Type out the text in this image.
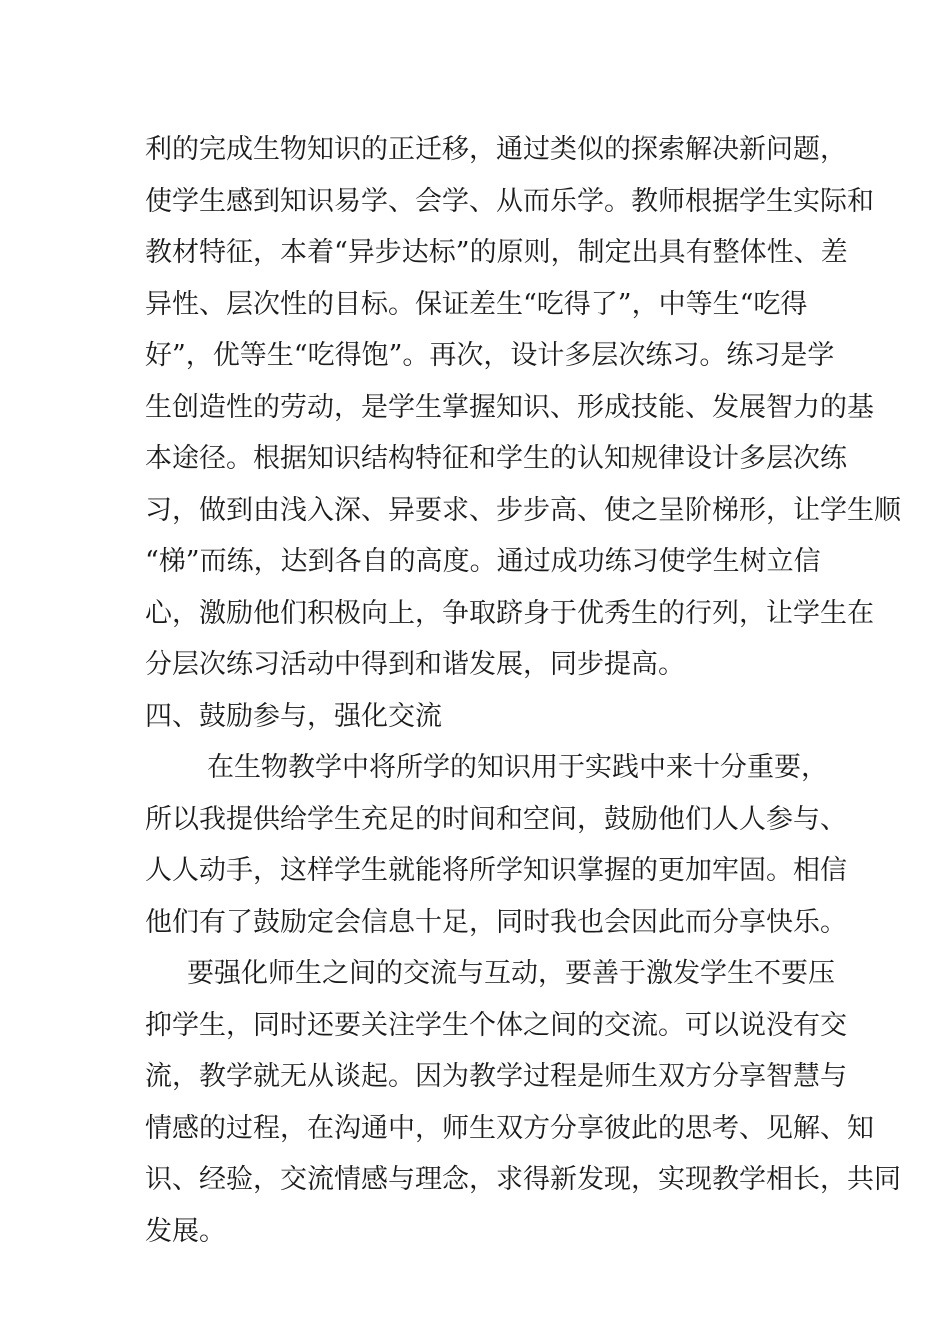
利的完成生物知识的正迁移，通过类似的探索解决新问题，
使学生感到知识易学、会学、从而乐学。教师根据学生实际和
教材特征，本着“异步达标”的原则，制定出具有整体性、差
异性、层次性的目标。保证差生“吃得了”，中等生“吃得
好”，优等生“吃得饱”。再次，设计多层次练习。练习是学
生创造性的劳动，是学生掌握知识、形成技能、发展智力的基
本途径。根据知识结构特征和学生的认知规律设计多层次练
习，做到由浅入深、异要求、步步高、使之呈阶梯形，让学生顺
“梯”而练，达到各自的高度。通过成功练习使学生树立信
心，激励他们积极向上，争取跻身于优秀生的行列，让学生在
分层次练习活动中得到和谐发展，同步提高。
四、鼓励参与，强化交流
在生物教学中将所学的知识用于实践中来十分重要，
所以我提供给学生充足的时间和空间，鼓励他们人人参与、
人人动手，这样学生就能将所学知识掌握的更加牢固。相信
他们有了鼓励定会信息十足，同时我也会因此而分享快乐。
要强化师生之间的交流与互动，要善于激发学生不要压
抑学生，同时还要关注学生个体之间的交流。可以说没有交
流，教学就无从谈起。因为教学过程是师生双方分享智慧与
情感的过程，在沟通中，师生双方分享彼此的思考、见解、知
识、经验，交流情感与理念，求得新发现，实现教学相长，共同
发展。
